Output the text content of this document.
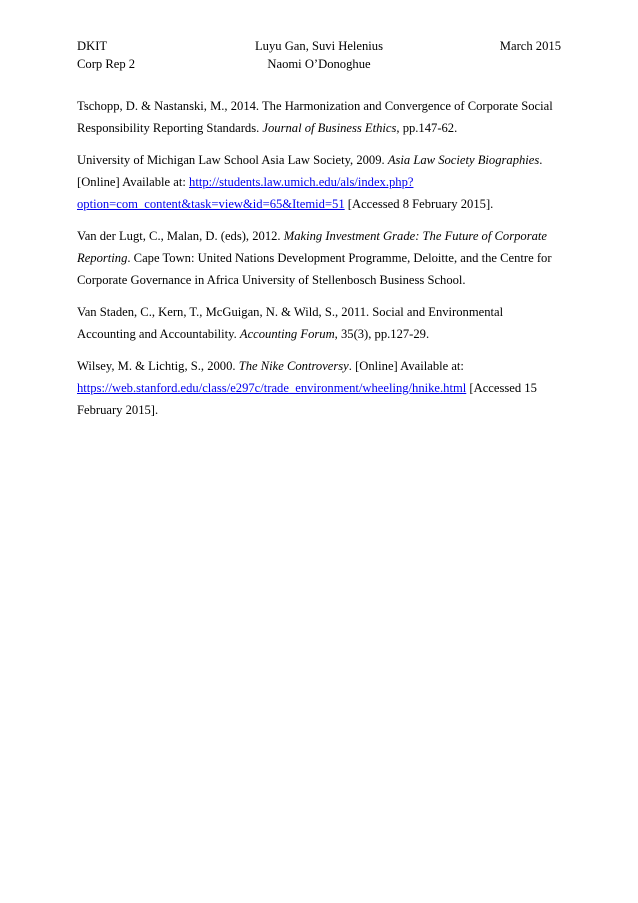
DKIT
Corp Rep 2
Luyu Gan, Suvi Helenius
Naomi O’Donoghue
March 2015

Tschopp, D. & Nastanski, M., 2014. The Harmonization and Convergence of Corporate Social Responsibility Reporting Standards. Journal of Business Ethics, pp.147-62.

University of Michigan Law School Asia Law Society, 2009. Asia Law Society Biographies. [Online] Available at: http://students.law.umich.edu/als/index.php?option=com_content&task=view&id=65&Itemid=51 [Accessed 8 February 2015].

Van der Lugt, C., Malan, D. (eds), 2012. Making Investment Grade: The Future of Corporate Reporting. Cape Town: United Nations Development Programme, Deloitte, and the Centre for Corporate Governance in Africa University of Stellenbosch Business School.

Van Staden, C., Kern, T., McGuigan, N. & Wild, S., 2011. Social and Environmental Accounting and Accountability. Accounting Forum, 35(3), pp.127-29.

Wilsey, M. & Lichtig, S., 2000. The Nike Controversy. [Online] Available at: https://web.stanford.edu/class/e297c/trade_environment/wheeling/hnike.html [Accessed 15 February 2015].
